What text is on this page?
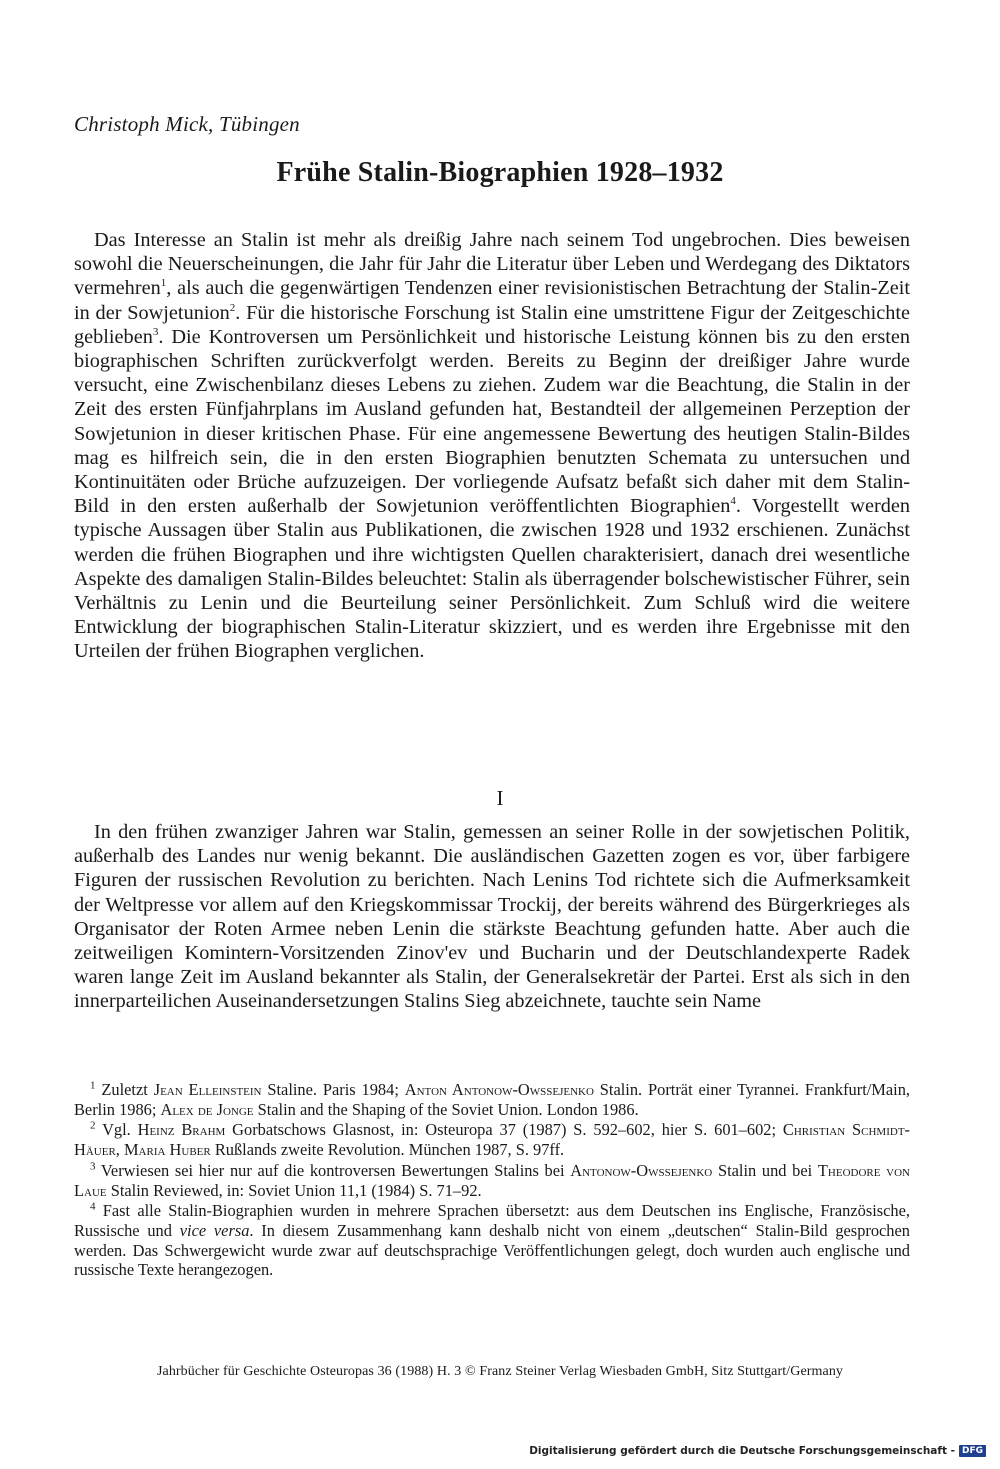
Christoph Mick, Tübingen
Frühe Stalin-Biographien 1928–1932

Das Interesse an Stalin ist mehr als dreißig Jahre nach seinem Tod ungebrochen. Dies beweisen sowohl die Neuerscheinungen, die Jahr für Jahr die Literatur über Leben und Werdegang des Diktators vermehren$^1$, als auch die gegenwärtigen Tendenzen einer revisionistischen Betrachtung der Stalin-Zeit in der Sowjetunion$^2$. Für die historische Forschung ist Stalin eine umstrittene Figur der Zeitgeschichte geblieben$^3$. Die Kontroversen um Persönlichkeit und historische Leistung können bis zu den ersten biographischen Schriften zurückverfolgt werden. Bereits zu Beginn der dreißiger Jahre wurde versucht, eine Zwischenbilanz dieses Lebens zu ziehen. Zudem war die Beachtung, die Stalin in der Zeit des ersten Fünfjahrplans im Ausland gefunden hat, Bestandteil der allgemeinen Perzeption der Sowjetunion in dieser kritischen Phase. Für eine angemessene Bewertung des heutigen Stalin-Bildes mag es hilfreich sein, die in den ersten Biographien benutzten Schemata zu untersuchen und Kontinuitäten oder Brüche aufzuzeigen. Der vorliegende Aufsatz befaßt sich daher mit dem Stalin-Bild in den ersten außerhalb der Sowjetunion veröffentlichten Biographien$^4$. Vorgestellt werden typische Aussagen über Stalin aus Publikationen, die zwischen 1928 und 1932 erschienen. Zunächst werden die frühen Biographen und ihre wichtigsten Quellen charakterisiert, danach drei wesentliche Aspekte des damaligen Stalin-Bildes beleuchtet: Stalin als überragender bolschewistischer Führer, sein Verhältnis zu Lenin und die Beurteilung seiner Persönlichkeit. Zum Schluß wird die weitere Entwicklung der biographischen Stalin-Literatur skizziert, und es werden ihre Ergebnisse mit den Urteilen der frühen Biographen verglichen.

I

In den frühen zwanziger Jahren war Stalin, gemessen an seiner Rolle in der sowjetischen Politik, außerhalb des Landes nur wenig bekannt. Die ausländischen Gazetten zogen es vor, über farbigere Figuren der russischen Revolution zu berichten. Nach Lenins Tod richtete sich die Aufmerksamkeit der Weltpresse vor allem auf den Kriegskommissar Trockij, der bereits während des Bürgerkrieges als Organisator der Roten Armee neben Lenin die stärkste Beachtung gefunden hatte. Aber auch die zeitweiligen Komintern-Vorsitzenden Zinov'ev und Bucharin und der Deutschlandexperte Radek waren lange Zeit im Ausland bekannter als Stalin, der Generalsekretär der Partei. Erst als sich in den innerparteilichen Auseinandersetzungen Stalins Sieg abzeichnete, tauchte sein Name

$^1$ Zuletzt Jean Elleinstein Staline. Paris 1984; Anton Antonow-Owssejenko Stalin. Porträt einer Tyrannei. Frankfurt/Main, Berlin 1986; Alex de Jonge Stalin and the Shaping of the Soviet Union. London 1986.

$^2$ Vgl. Heinz Brahm Gorbatschows Glasnost, in: Osteuropa 37 (1987) S. 592–602, hier S. 601–602; Christian Schmidt-Häuer, Maria Huber Rußlands zweite Revolution. München 1987, S. 97ff.

$^3$ Verwiesen sei hier nur auf die kontroversen Bewertungen Stalins bei Antonow-Owssejenko Stalin und bei Theodore von Laue Stalin Reviewed, in: Soviet Union 11,1 (1984) S. 71–92.

$^4$ Fast alle Stalin-Biographien wurden in mehrere Sprachen übersetzt: aus dem Deutschen ins Englische, Französische, Russische und vice versa. In diesem Zusammenhang kann deshalb nicht von einem „deutschen“ Stalin-Bild gesprochen werden. Das Schwergewicht wurde zwar auf deutschsprachige Veröffentlichungen gelegt, doch wurden auch englische und russische Texte herangezogen.

Jahrbücher für Geschichte Osteuropas 36 (1988) H. 3 © Franz Steiner Verlag Wiesbaden GmbH, Sitz Stuttgart/Germany
Digitalisierung gefördert durch die Deutsche Forschungsgemeinschaft - DFG
